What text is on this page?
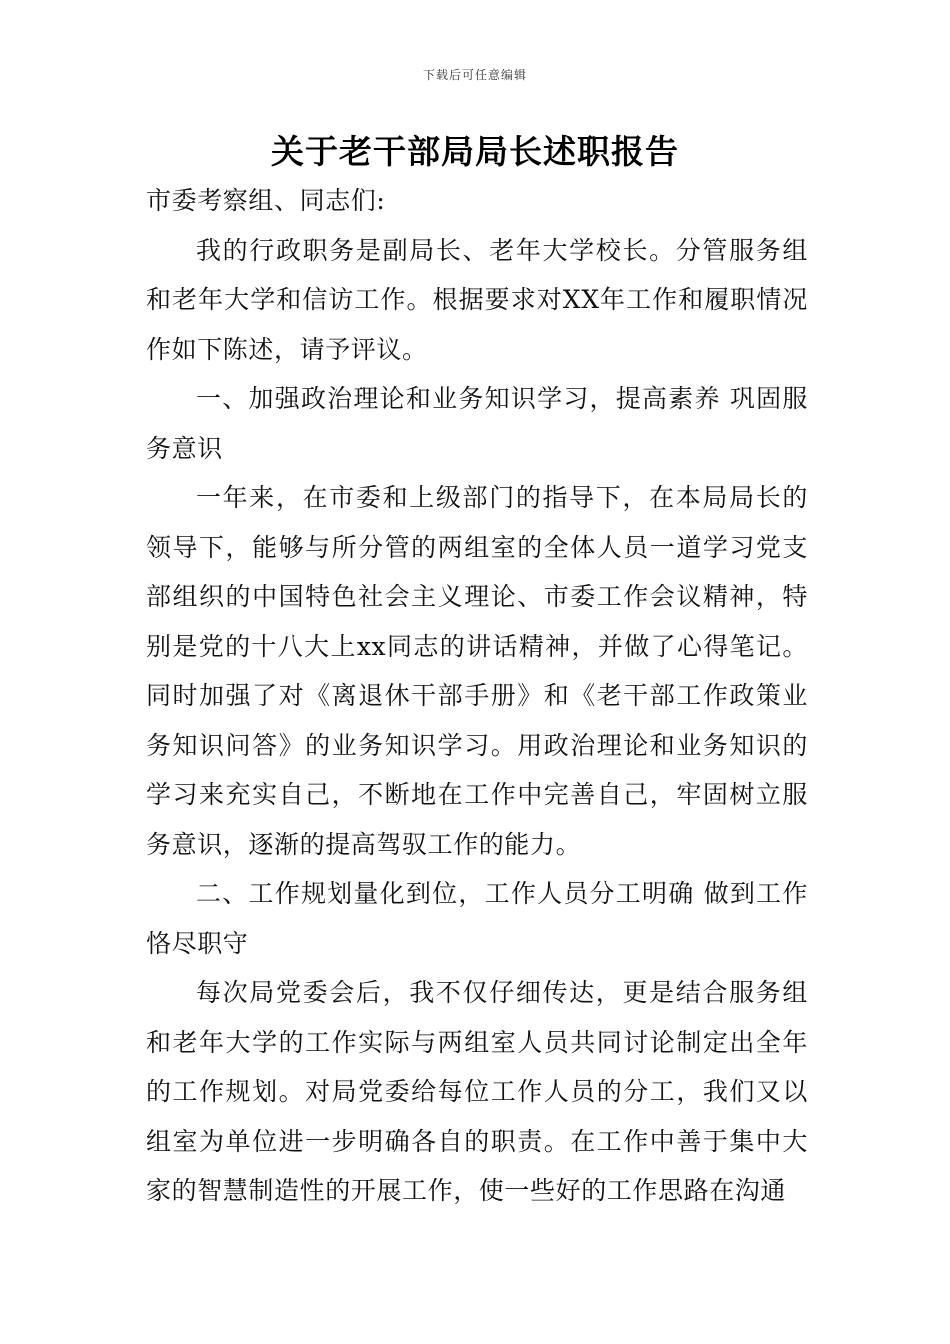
下载后可任意编辑
关于老干部局局长述职报告

市委考察组、同志们:

我的行政职务是副局长、老年大学校长。分管服务组和老年大学和信访工作。根据要求对XX年工作和履职情况作如下陈述，请予评议。

一、加强政治理论和业务知识学习，提高素养 巩固服务意识

一年来，在市委和上级部门的指导下，在本局局长的领导下，能够与所分管的两组室的全体人员一道学习党支部组织的中国特色社会主义理论、市委工作会议精神，特别是党的十八大上xx同志的讲话精神，并做了心得笔记。同时加强了对《离退休干部手册》和《老干部工作政策业务知识问答》的业务知识学习。用政治理论和业务知识的学习来充实自己，不断地在工作中完善自己，牢固树立服务意识，逐渐的提高驾驭工作的能力。

二、工作规划量化到位，工作人员分工明确 做到工作恪尽职守

每次局党委会后，我不仅仔细传达，更是结合服务组和老年大学的工作实际与两组室人员共同讨论制定出全年的工作规划。对局党委给每位工作人员的分工，我们又以组室为单位进一步明确各自的职责。在工作中善于集中大家的智慧制造性的开展工作，使一些好的工作思路在沟通
